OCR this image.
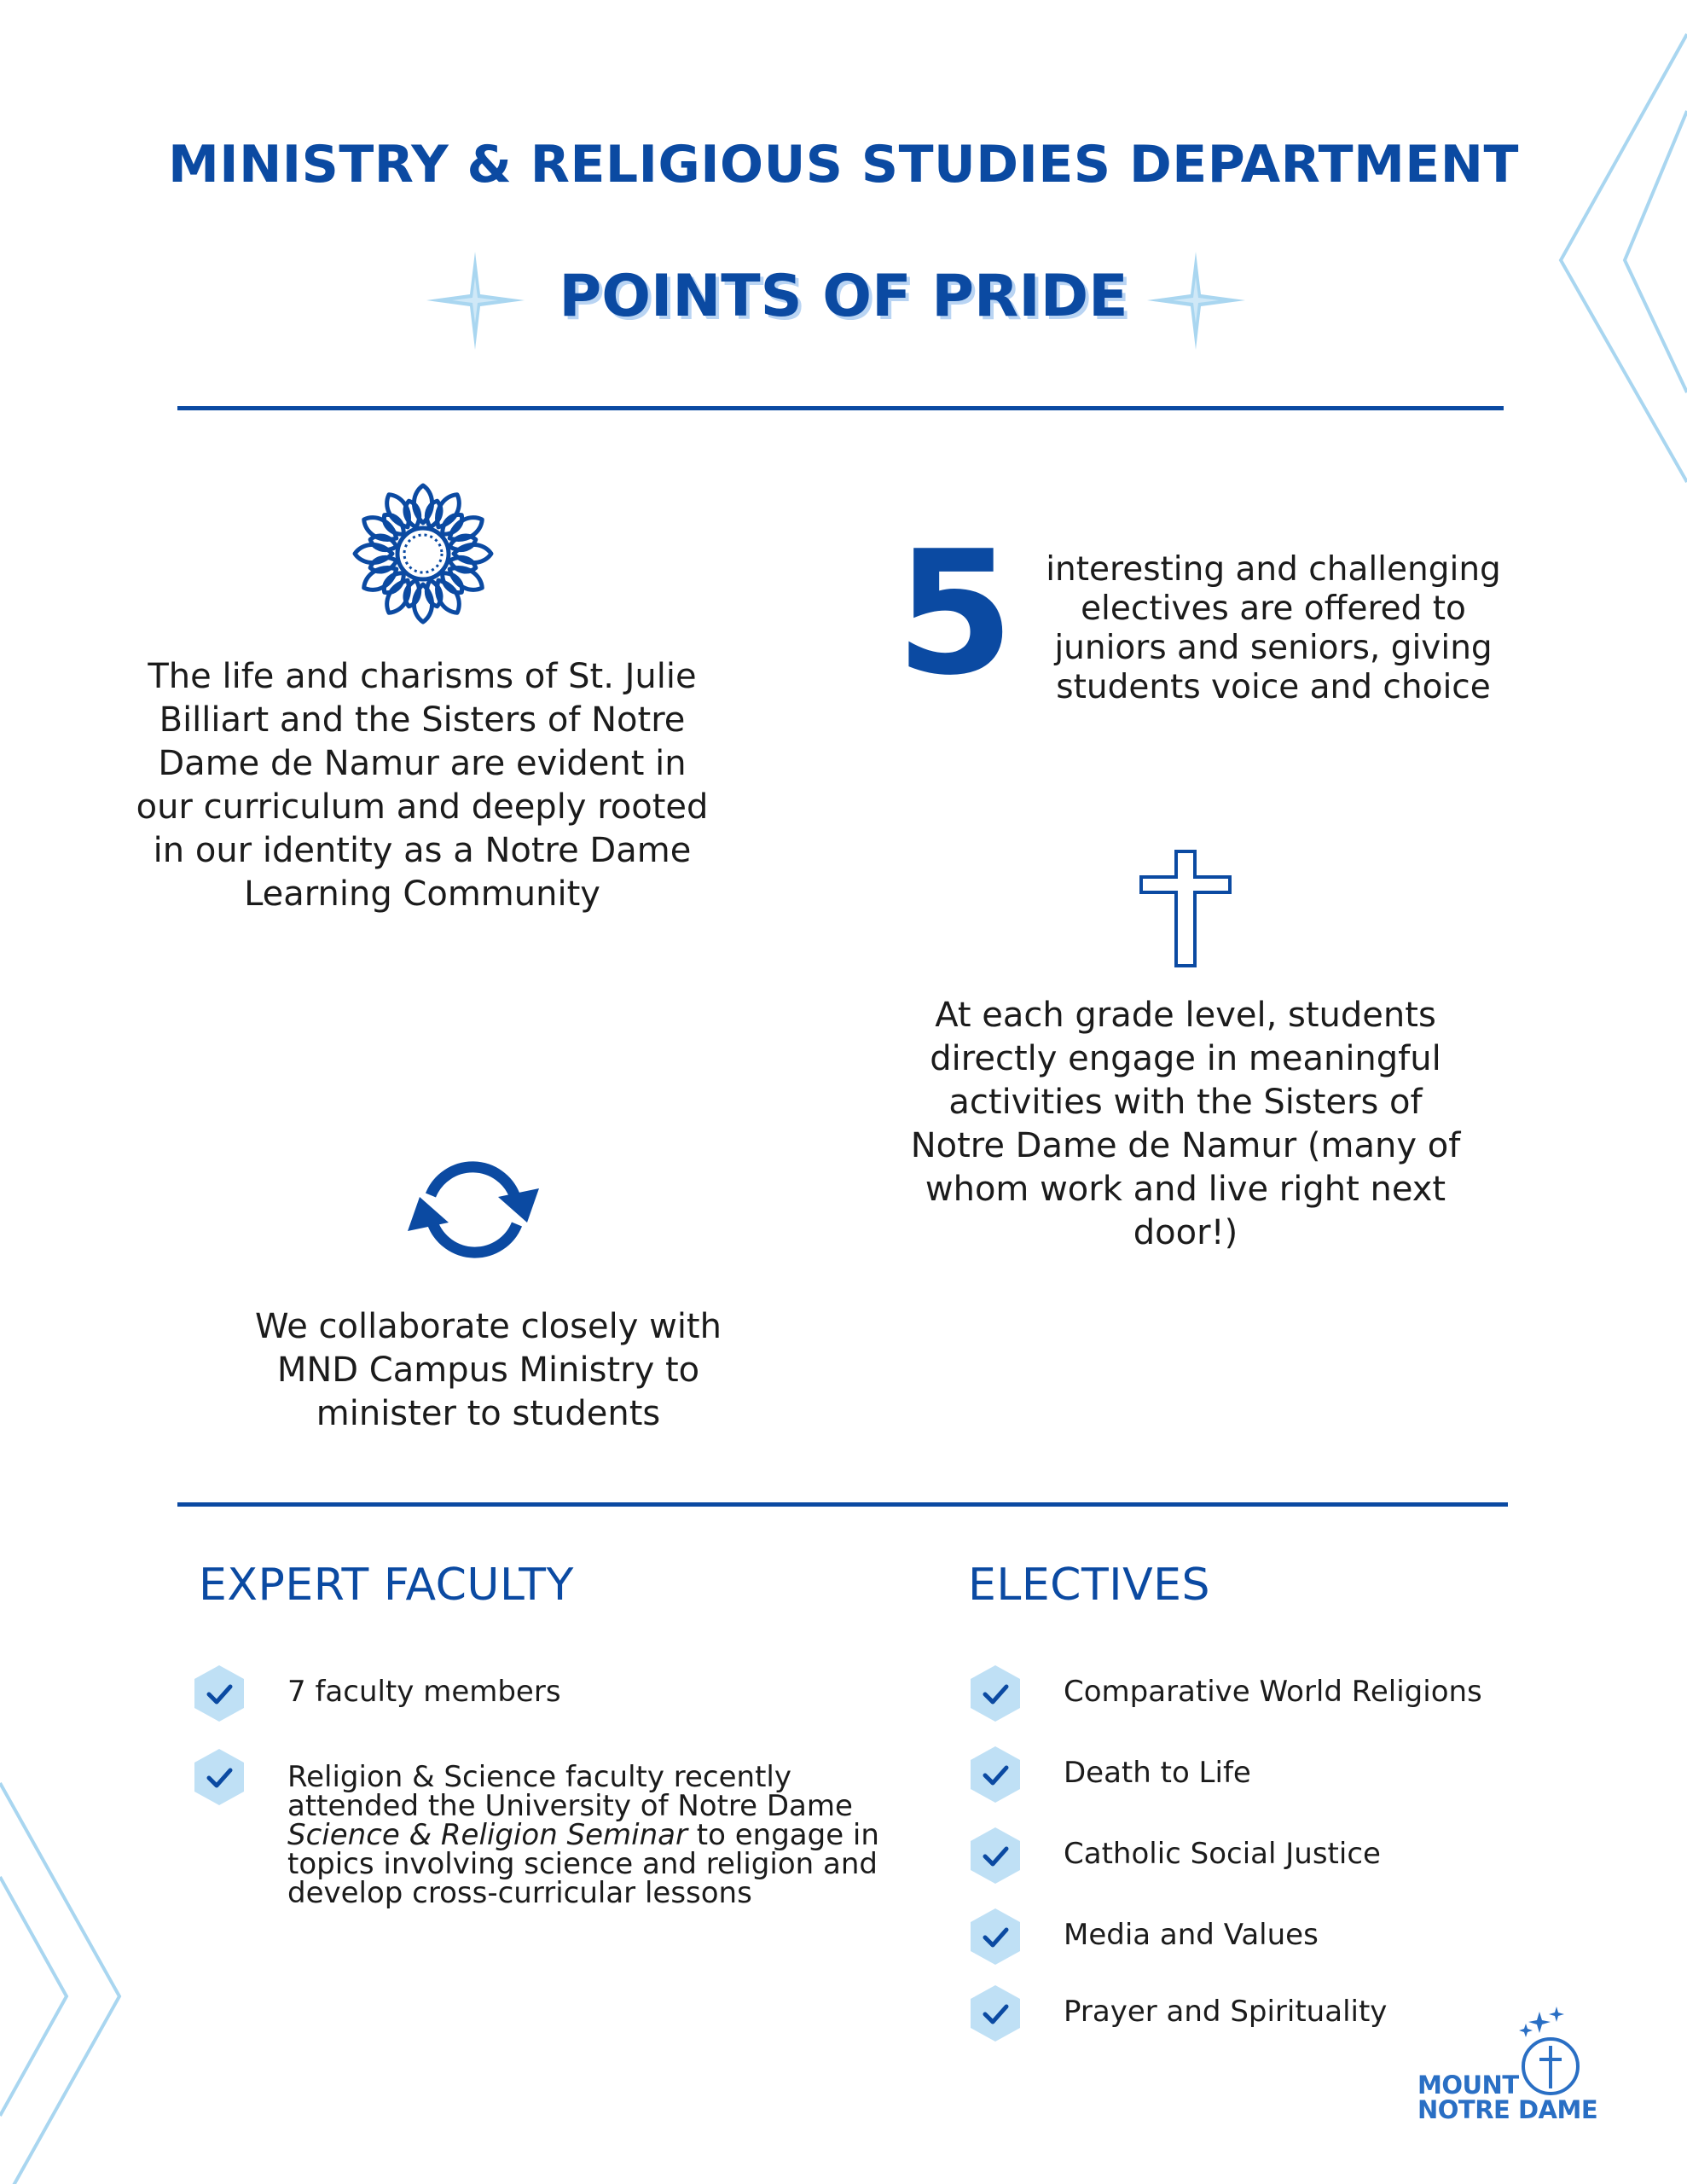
MINISTRY & RELIGIOUS STUDIES DEPARTMENT
POINTS OF PRIDE

The life and charisms of St. Julie Billiart and the Sisters of Notre Dame de Namur are evident in our curriculum and deeply rooted in our identity as a Notre Dame Learning Community

5 interesting and challenging electives are offered to juniors and seniors, giving students voice and choice

At each grade level, students directly engage in meaningful activities with the Sisters of Notre Dame de Namur (many of whom work and live right next door!)

We collaborate closely with MND Campus Ministry to minister to students

EXPERT FACULTY	ELECTIVES
7 faculty members
Religion & Science faculty recently attended the University of Notre Dame Science & Religion Seminar to engage in topics involving science and religion and develop cross-curricular lessons
Comparative World Religions
Death to Life
Catholic Social Justice
Media and Values
Prayer and Spirituality
MOUNT
NOTRE DAME
